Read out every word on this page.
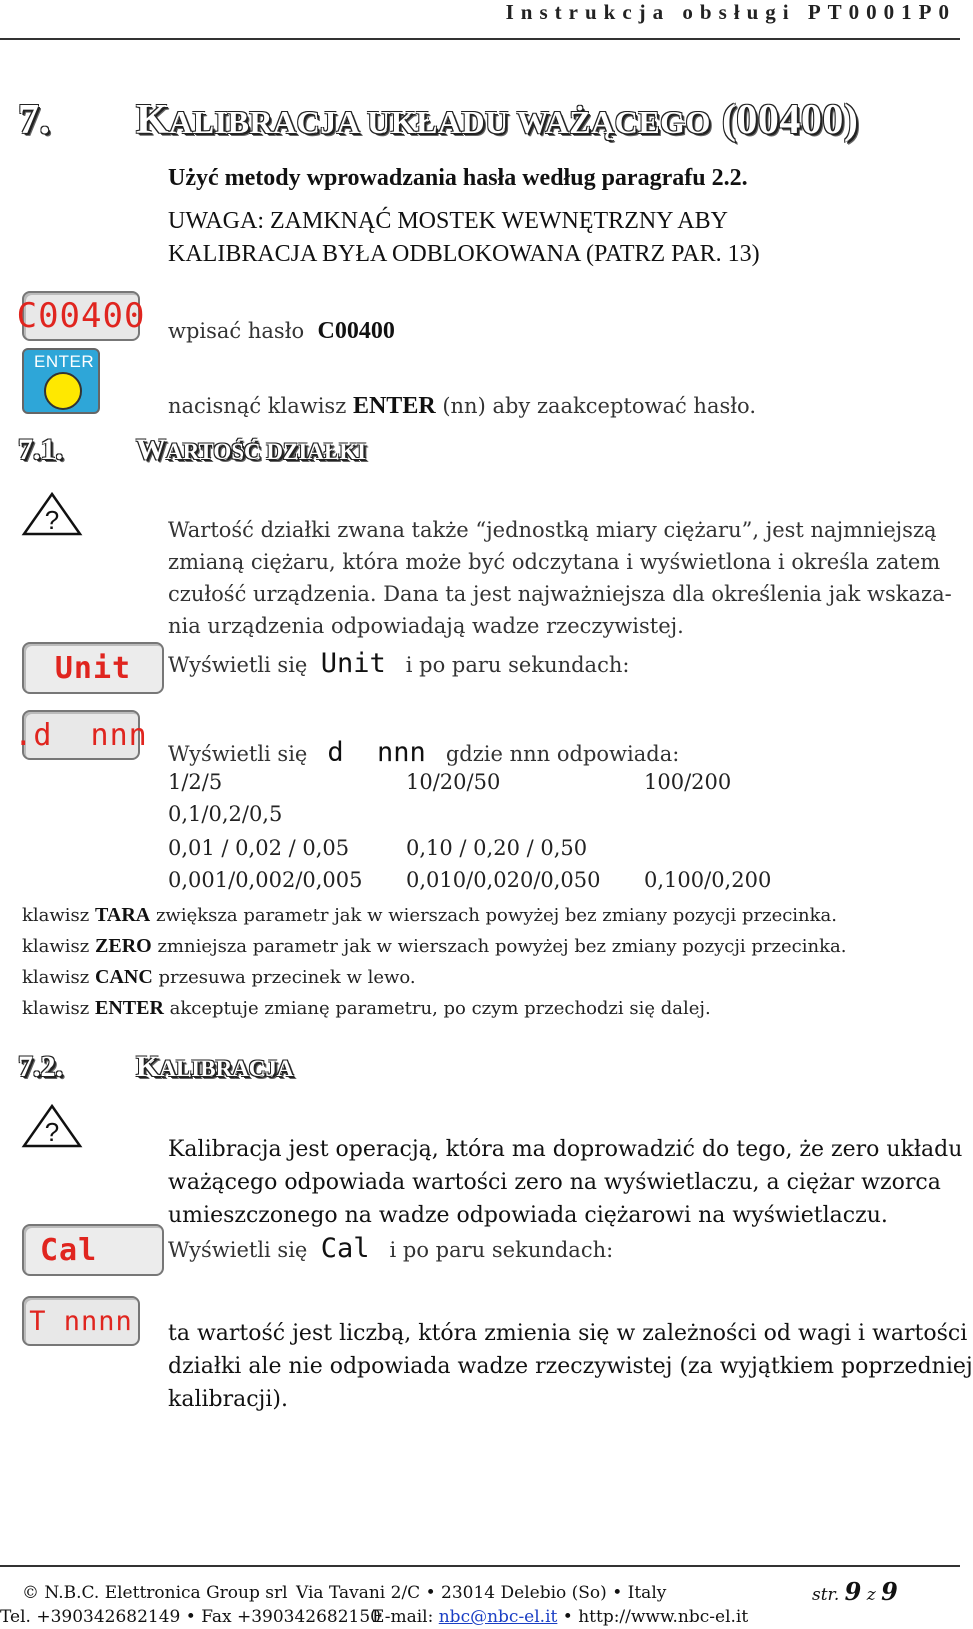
Instrukcja obsługi PT0001P0
7. KALIBRACJA UKŁADU WAŻĄCEGO (00400)
Użyć metody wprowadzania hasła według paragrafu 2.2.
UWAGA: ZAMKNĄĆ MOSTEK WEWNĘTRZNY ABY
KALIBRACJA BYŁA ODBLOKOWANA (PATRZ PAR. 13)
C00400 wpisać hasło C00400
ENTER
nacisnąć klawisz ENTER (nn) aby zaakceptować hasło.
7.1. WARTOŚĆ DZIAŁKI
?	Wartość działki zwana także “jednostką miary ciężaru”, jest najmniejszą
zmianą ciężaru, która może być odczytana i wyświetlona i określa zatem
czułość urządzenia. Dana ta jest najważniejsza dla określenia jak wskaza-
nia urządzenia odpowiadają wadze rzeczywistej.
Unit	Wyświetli się Unit i po paru sekundach:
.d  nnn
Wyświetli się d nnn gdzie nnn odpowiada:
1/2/5	10/20/50	100/200
0,1/0,2/0,5
0,01 / 0,02 / 0,05	0,10 / 0,20 / 0,50
0,001/0,002/0,005 0,010/0,020/0,050 0,100/0,200
klawisz TARA zwiększa parametr jak w wierszach powyżej bez zmiany pozycji przecinka.
klawisz ZERO zmniejsza parametr jak w wierszach powyżej bez zmiany pozycji przecinka.
klawisz CANC przesuwa przecinek w lewo.
klawisz ENTER akceptuje zmianę parametru, po czym przechodzi się dalej.
7.2. KALIBRACJA
?
Kalibracja jest operacją, która ma doprowadzić do tego, że zero układu
ważącego odpowiada wartości zero na wyświetlaczu, a ciężar wzorca
umieszczonego na wadze odpowiada ciężarowi na wyświetlaczu.
Cal	Wyświetli się Cal i po paru sekundach:
T nnnn ta wartość jest liczbą, która zmienia się w zależności od wagi i wartości
działki ale nie odpowiada wadze rzeczywistej (za wyjątkiem poprzedniej
kalibracji).
© N.B.C. Elettronica Group srl Via Tavani 2/C • 23014 Delebio (So) • Italy	str. 9 z 9
Tel. +390342682149 • Fax +390342682150
E-mail: nbc@nbc-el.it • http://www.nbc-el.it
